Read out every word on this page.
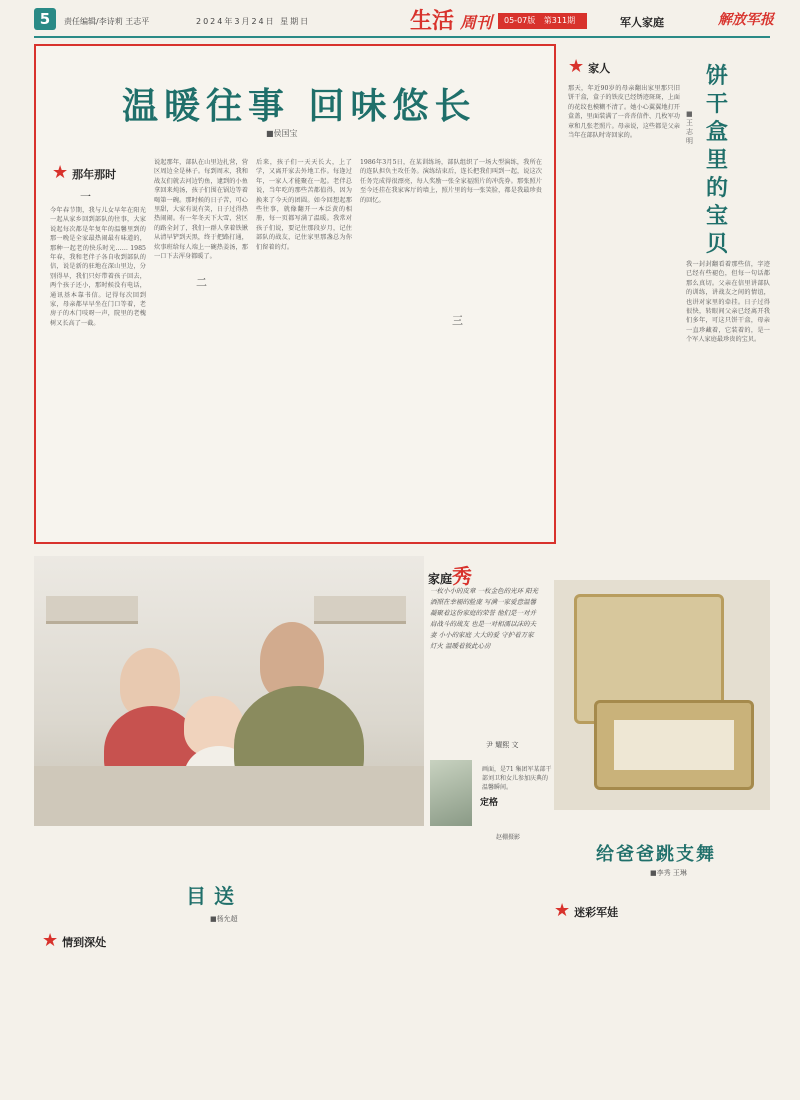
5	责任编辑/李诗莉 王志平	2024年3月24日 星期日	生活 周刊	05-07版 第311期	军人家庭	解放军报
温暖往事 回味悠长
■侯国宝
★ 那年那时
一
今年春节期，我与儿女早年在阳光一起从家乡回到部队的往事，大家说起每次都是年复年的温馨里到的那一晚是全家最热闹最有味道的，那种一起老的快乐时光…… 1985年春，我和老伴子各自收到部队的信，说是新的驻地在深山里边，分别得早，我们只好带着孩子回去，两个孩子还小，那时候没有电话，通讯基本靠书信。记得每次回到家，母亲都早早坐在门口等着，老房子的木门吱呀一声，院里的老槐树又长高了一截。
说起那年，部队在山里边扎营，营区周边全是林子。每到周末，我和战友们就去河边钓鱼，逮到的小鱼拿回来炖汤，孩子们围在锅边等着喝第一碗。那时候的日子苦，可心里甜，大家有说有笑，日子过得热热闹闹。有一年冬天下大雪，营区的路全封了，我们一群人拿着铁锹从清早铲到天黑，终于把路打通，炊事班给每人端上一碗热姜汤，那一口下去浑身都暖了。
二
后来，孩子们一天天长大，上了学，又离开家去外地工作。每逢过年，一家人才能聚在一起。老伴总说，当年吃的那些苦都值得，因为换来了今天的团圆。如今回想起那些往事，就像翻开一本泛黄的相册，每一页都写满了温暖。我常对孩子们说，要记住那段岁月，记住部队的战友，记住家里那盏总为你们留着的灯。
三
1986年3月5日，在某训练场，部队组织了一场大型演练，我所在的连队担负主攻任务。演练结束后，连长把我们叫到一起，说这次任务完成得很漂亮，每人奖励一张全家福照片的冲洗券。那张照片至今还挂在我家客厅的墙上，照片里的每一张笑脸，都是我最珍贵的回忆。
★ 家人
那天，年近90岁的母亲翻出家里那只旧饼干盒，盒子的铁皮已经锈迹斑斑，上面的花纹也模糊不清了。她小心翼翼地打开盒盖，里面装满了一沓沓信件、几枚军功章和几张老照片。母亲说，这些都是父亲当年在部队时寄回家的。
■王志明
饼干盒里的宝贝
我一封封翻看着那些信，字迹已经有些褪色，但每一句话都那么真切。父亲在信里讲部队的训练，讲战友之间的情谊，也讲对家里的牵挂。日子过得很快，转眼间父亲已经离开我们多年，可这只饼干盒，母亲一直珍藏着，它装着的，是一个军人家庭最珍贵的宝贝。
家庭秀
一枚小小的皮章 一枚金色的光环 阳光洒照在幸福的脸庞 写满一家爱意温馨 凝聚着这份家庭的荣誉 他们是一对并肩战斗的战友 也是一对相濡以沫的夫妻 小小的家庭 大大的爱 守护着万家灯火 温暖着彼此心房
尹 耀熙 文
画面，是71 集团军某部干部刘卫和女儿参加庆典的温馨瞬间。
定格
赵棚摄影
给爸爸跳支舞
■李秀 王琳
★ 迷彩军娃
目送
■杨允超
★ 情到深处
